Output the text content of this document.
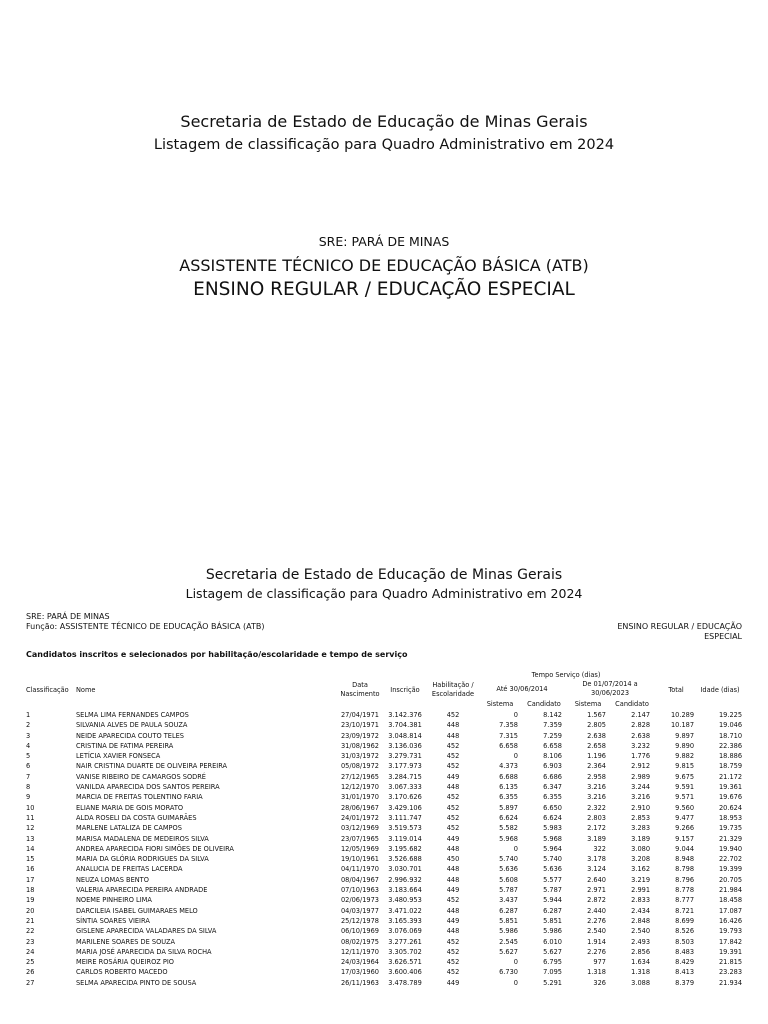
Secretaria de Estado de Educação de Minas Gerais
Listagem de classificação para Quadro Administrativo em 2024
SRE: PARÁ DE MINAS
ASSISTENTE TÉCNICO DE EDUCAÇÃO BÁSICA (ATB)
ENSINO REGULAR / EDUCAÇÃO ESPECIAL
Secretaria de Estado de Educação de Minas Gerais
Listagem de classificação para Quadro Administrativo em 2024
SRE: PARÁ DE MINAS
Função: ASSISTENTE TÉCNICO DE EDUCAÇÃO BÁSICA (ATB)	ENSINO REGULAR / EDUCAÇÃO
ESPECIAL
Candidatos inscritos e selecionados por habilitação/escolaridade e tempo de serviço
Classificação	Nome	Data Nascimento	Inscrição	Habilitação / Escolaridade	Tempo Serviço (dias)				Total	Idade (dias)
					Até 30/06/2014		De 01/07/2014 a 30/06/2023			
					Sistema	Candidato	Sistema	Candidato		
1	SELMA LIMA FERNANDES CAMPOS	27/04/1971	3.142.376	452	0	8.142	1.567	2.147	10.289	19.225
2	SILVANIA ALVES DE PAULA SOUZA	23/10/1971	3.704.381	448	7.358	7.359	2.805	2.828	10.187	19.046
3	NEIDE APARECIDA COUTO TELES	23/09/1972	3.048.814	448	7.315	7.259	2.638	2.638	9.897	18.710
4	CRISTINA DE FATIMA PEREIRA	31/08/1962	3.136.036	452	6.658	6.658	2.658	3.232	9.890	22.386
5	LETÍCIA XAVIER FONSECA	31/03/1972	3.279.731	452	0	8.106	1.196	1.776	9.882	18.886
6	NAIR CRISTINA DUARTE DE OLIVEIRA PEREIRA	05/08/1972	3.177.973	452	4.373	6.903	2.364	2.912	9.815	18.759
7	VANISE RIBEIRO DE CAMARGOS SODRÉ	27/12/1965	3.284.715	449	6.688	6.686	2.958	2.989	9.675	21.172
8	VANILDA APARECIDA DOS SANTOS PEREIRA	12/12/1970	3.067.333	448	6.135	6.347	3.216	3.244	9.591	19.361
9	MARCIA DE FREITAS TOLENTINO FARIA	31/01/1970	3.170.626	452	6.355	6.355	3.216	3.216	9.571	19.676
10	ELIANE MARIA DE GOIS MORATO	28/06/1967	3.429.106	452	5.897	6.650	2.322	2.910	9.560	20.624
11	ALDA ROSELI DA COSTA GUIMARÃES	24/01/1972	3.111.747	452	6.624	6.624	2.803	2.853	9.477	18.953
12	MARLENE LATALIZA DE CAMPOS	03/12/1969	3.519.573	452	5.582	5.983	2.172	3.283	9.266	19.735
13	MARISA MADALENA DE MEDEIROS SILVA	23/07/1965	3.119.014	449	5.968	5.968	3.189	3.189	9.157	21.329
14	ANDREA APARECIDA FIORI SIMÕES DE OLIVEIRA	12/05/1969	3.195.682	448	0	5.964	322	3.080	9.044	19.940
15	MARIA DA GLÓRIA RODRIGUES DA SILVA	19/10/1961	3.526.688	450	5.740	5.740	3.178	3.208	8.948	22.702
16	ANALUCIA DE FREITAS LACERDA	04/11/1970	3.030.701	448	5.636	5.636	3.124	3.162	8.798	19.399
17	NEUZA LOMAS BENTO	08/04/1967	2.996.932	448	5.608	5.577	2.640	3.219	8.796	20.705
18	VALERIA APARECIDA PEREIRA ANDRADE	07/10/1963	3.183.664	449	5.787	5.787	2.971	2.991	8.778	21.984
19	NOEME PINHEIRO LIMA	02/06/1973	3.480.953	452	3.437	5.944	2.872	2.833	8.777	18.458
20	DARCILEIA ISABEL GUIMARAES MELO	04/03/1977	3.471.022	448	6.287	6.287	2.440	2.434	8.721	17.087
21	SÍNTIA SOARES VIEIRA	25/12/1978	3.165.393	449	5.851	5.851	2.276	2.848	8.699	16.426
22	GISLENE APARECIDA VALADARES DA SILVA	06/10/1969	3.076.069	448	5.986	5.986	2.540	2.540	8.526	19.793
23	MARILENE SOARES DE SOUZA	08/02/1975	3.277.261	452	2.545	6.010	1.914	2.493	8.503	17.842
24	MARIA JOSÉ APARECIDA DA SILVA ROCHA	12/11/1970	3.305.702	452	5.627	5.627	2.276	2.856	8.483	19.391
25	MEIRE ROSÁRIA QUEIROZ PIO	24/03/1964	3.626.571	452	0	6.795	977	1.634	8.429	21.815
26	CARLOS ROBERTO MACEDO	17/03/1960	3.600.406	452	6.730	7.095	1.318	1.318	8.413	23.283
27	SELMA APARECIDA PINTO DE SOUSA	26/11/1963	3.478.789	449	0	5.291	326	3.088	8.379	21.934
